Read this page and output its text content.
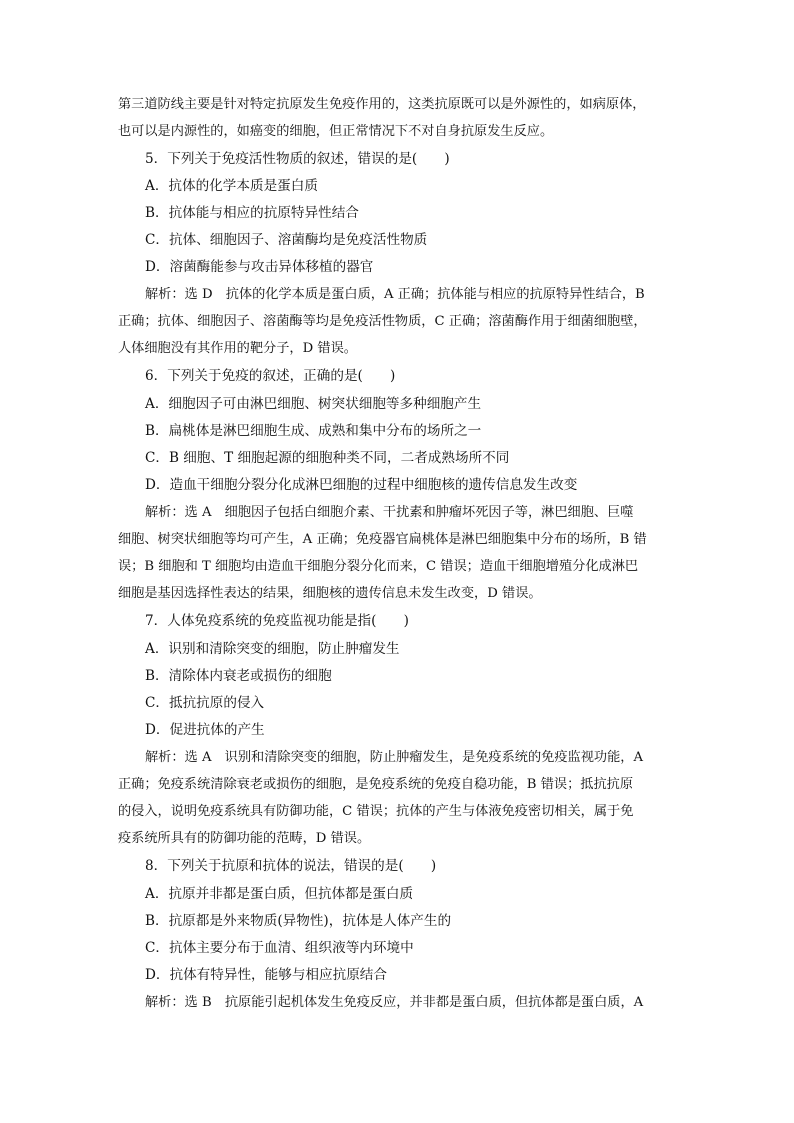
第三道防线主要是针对特定抗原发生免疫作用的，这类抗原既可以是外源性的，如病原体，
也可以是内源性的，如癌变的细胞，但正常情况下不对自身抗原发生反应。
5．下列关于免疫活性物质的叙述，错误的是(　　)
A．抗体的化学本质是蛋白质
B．抗体能与相应的抗原特异性结合
C．抗体、细胞因子、溶菌酶均是免疫活性物质
D．溶菌酶能参与攻击异体移植的器官
解析：选 D　抗体的化学本质是蛋白质，A 正确；抗体能与相应的抗原特异性结合，B
正确；抗体、细胞因子、溶菌酶等均是免疫活性物质，C 正确；溶菌酶作用于细菌细胞壁，
人体细胞没有其作用的靶分子，D 错误。
6．下列关于免疫的叙述，正确的是(　　)
A．细胞因子可由淋巴细胞、树突状细胞等多种细胞产生
B．扁桃体是淋巴细胞生成、成熟和集中分布的场所之一
C．B 细胞、T 细胞起源的细胞种类不同，二者成熟场所不同
D．造血干细胞分裂分化成淋巴细胞的过程中细胞核的遗传信息发生改变
解析：选 A　细胞因子包括白细胞介素、干扰素和肿瘤坏死因子等，淋巴细胞、巨噬
细胞、树突状细胞等均可产生，A 正确；免疫器官扁桃体是淋巴细胞集中分布的场所，B 错
误；B 细胞和 T 细胞均由造血干细胞分裂分化而来，C 错误；造血干细胞增殖分化成淋巴
细胞是基因选择性表达的结果，细胞核的遗传信息未发生改变，D 错误。
7．人体免疫系统的免疫监视功能是指(　　)
A．识别和清除突变的细胞，防止肿瘤发生
B．清除体内衰老或损伤的细胞
C．抵抗抗原的侵入
D．促进抗体的产生
解析：选 A　识别和清除突变的细胞，防止肿瘤发生，是免疫系统的免疫监视功能，A
正确；免疫系统清除衰老或损伤的细胞，是免疫系统的免疫自稳功能，B 错误；抵抗抗原
的侵入，说明免疫系统具有防御功能，C 错误；抗体的产生与体液免疫密切相关，属于免
疫系统所具有的防御功能的范畴，D 错误。
8．下列关于抗原和抗体的说法，错误的是(　　)
A．抗原并非都是蛋白质，但抗体都是蛋白质
B．抗原都是外来物质(异物性)，抗体是人体产生的
C．抗体主要分布于血清、组织液等内环境中
D．抗体有特异性，能够与相应抗原结合
解析：选 B　抗原能引起机体发生免疫反应，并非都是蛋白质，但抗体都是蛋白质，A
